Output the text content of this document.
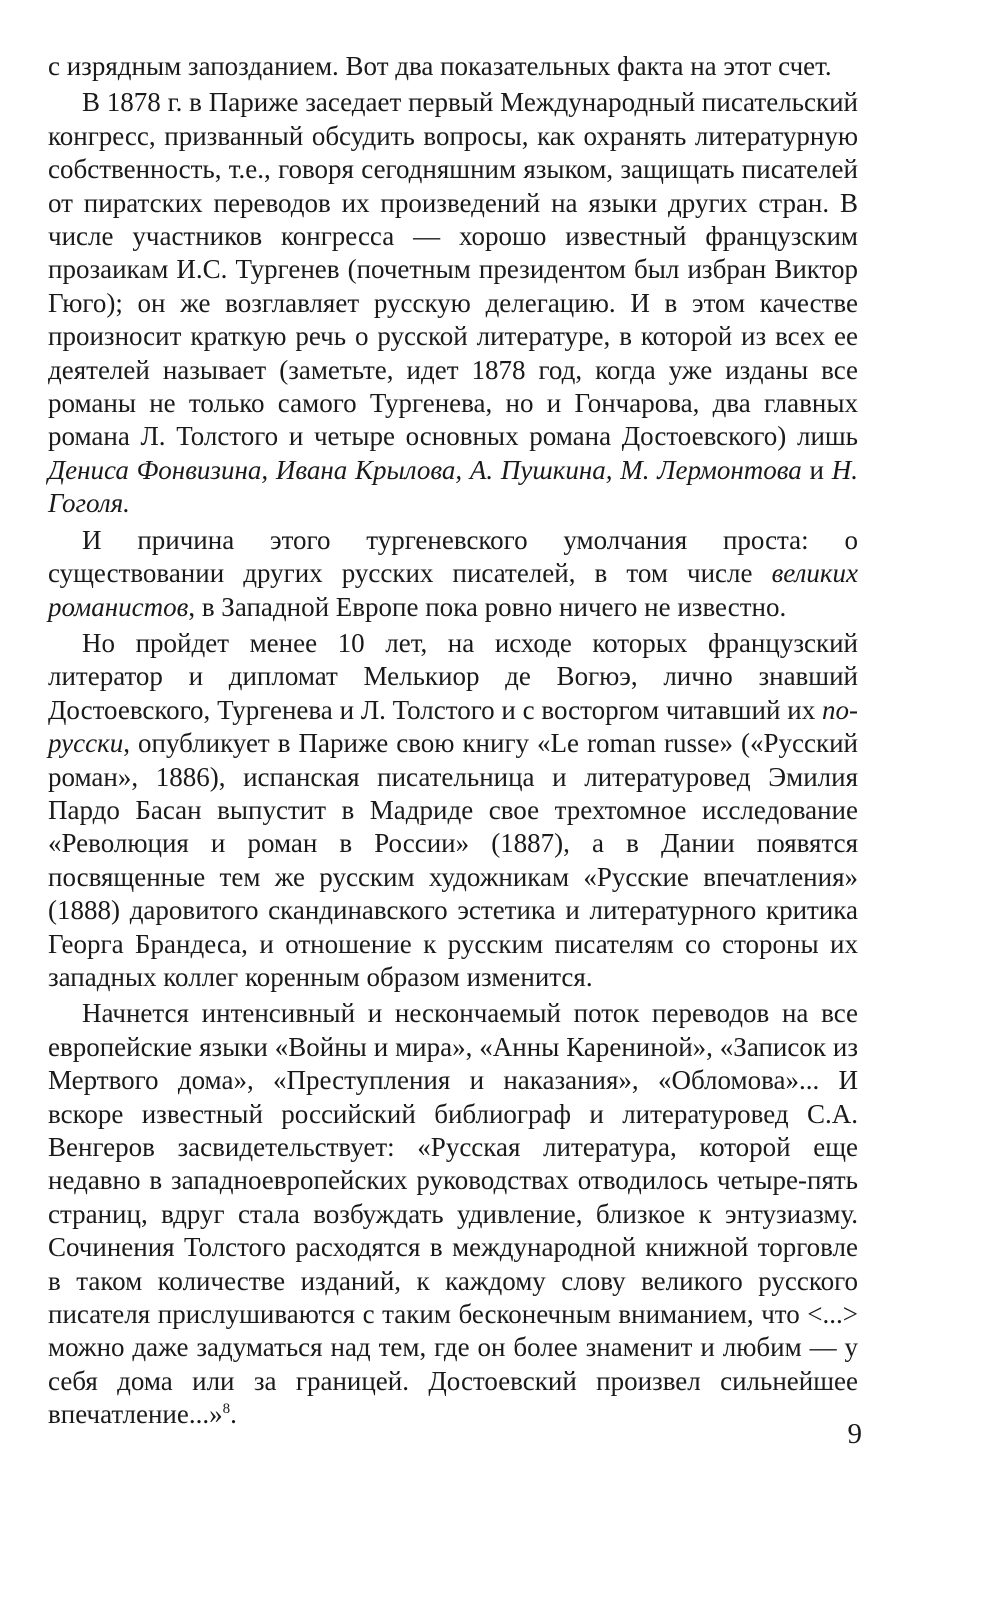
с изрядным запозданием. Вот два показательных факта на этот счет.

В 1878 г. в Париже заседает первый Международный писательский конгресс, призванный обсудить вопросы, как охранять литературную собственность, т.е., говоря сегодняшним языком, защищать писателей от пиратских переводов их произведений на языки других стран. В числе участников конгресса — хорошо известный французским прозаикам И.С. Тургенев (почетным президентом был избран Виктор Гюго); он же возглавляет русскую делегацию. И в этом качестве произносит краткую речь о русской литературе, в которой из всех ее деятелей называет (заметьте, идет 1878 год, когда уже изданы все романы не только самого Тургенева, но и Гончарова, два главных романа Л. Толстого и четыре основных романа Достоевского) лишь Дениса Фонвизина, Ивана Крылова, А. Пушкина, М. Лермонтова и Н. Гоголя.

И причина этого тургеневского умолчания проста: о существовании других русских писателей, в том числе великих романистов, в Западной Европе пока ровно ничего не известно.

Но пройдет менее 10 лет, на исходе которых французский литератор и дипломат Мелькиор де Вогюэ, лично знавший Достоевского, Тургенева и Л. Толстого и с восторгом читавший их по-русски, опубликует в Париже свою книгу «Le roman russe» («Русский роман», 1886), испанская писательница и литературовед Эмилия Пардо Басан выпустит в Мадриде свое трехтомное исследование «Революция и роман в России» (1887), а в Дании появятся посвященные тем же русским художникам «Русские впечатления» (1888) даровитого скандинавского эстетика и литературного критика Георга Брандеса, и отношение к русским писателям со стороны их западных коллег коренным образом изменится.

Начнется интенсивный и нескончаемый поток переводов на все европейские языки «Войны и мира», «Анны Карениной», «Записок из Мертвого дома», «Преступления и наказания», «Обломова»... И вскоре известный российский библиограф и литературовед С.А. Венгеров засвидетельствует: «Русская литература, которой еще недавно в западноевропейских руководствах отводилось четыре-пять страниц, вдруг стала возбуждать удивление, близкое к энтузиазму. Сочинения Толстого расходятся в международной книжной торговле в таком количестве изданий, к каждому слову великого русского писателя прислушиваются с таким бесконечным вниманием, что <...> можно даже задуматься над тем, где он более знаменит и любим — у себя дома или за границей. Достоевский произвел сильнейшее впечатление...»$^8$.

9
